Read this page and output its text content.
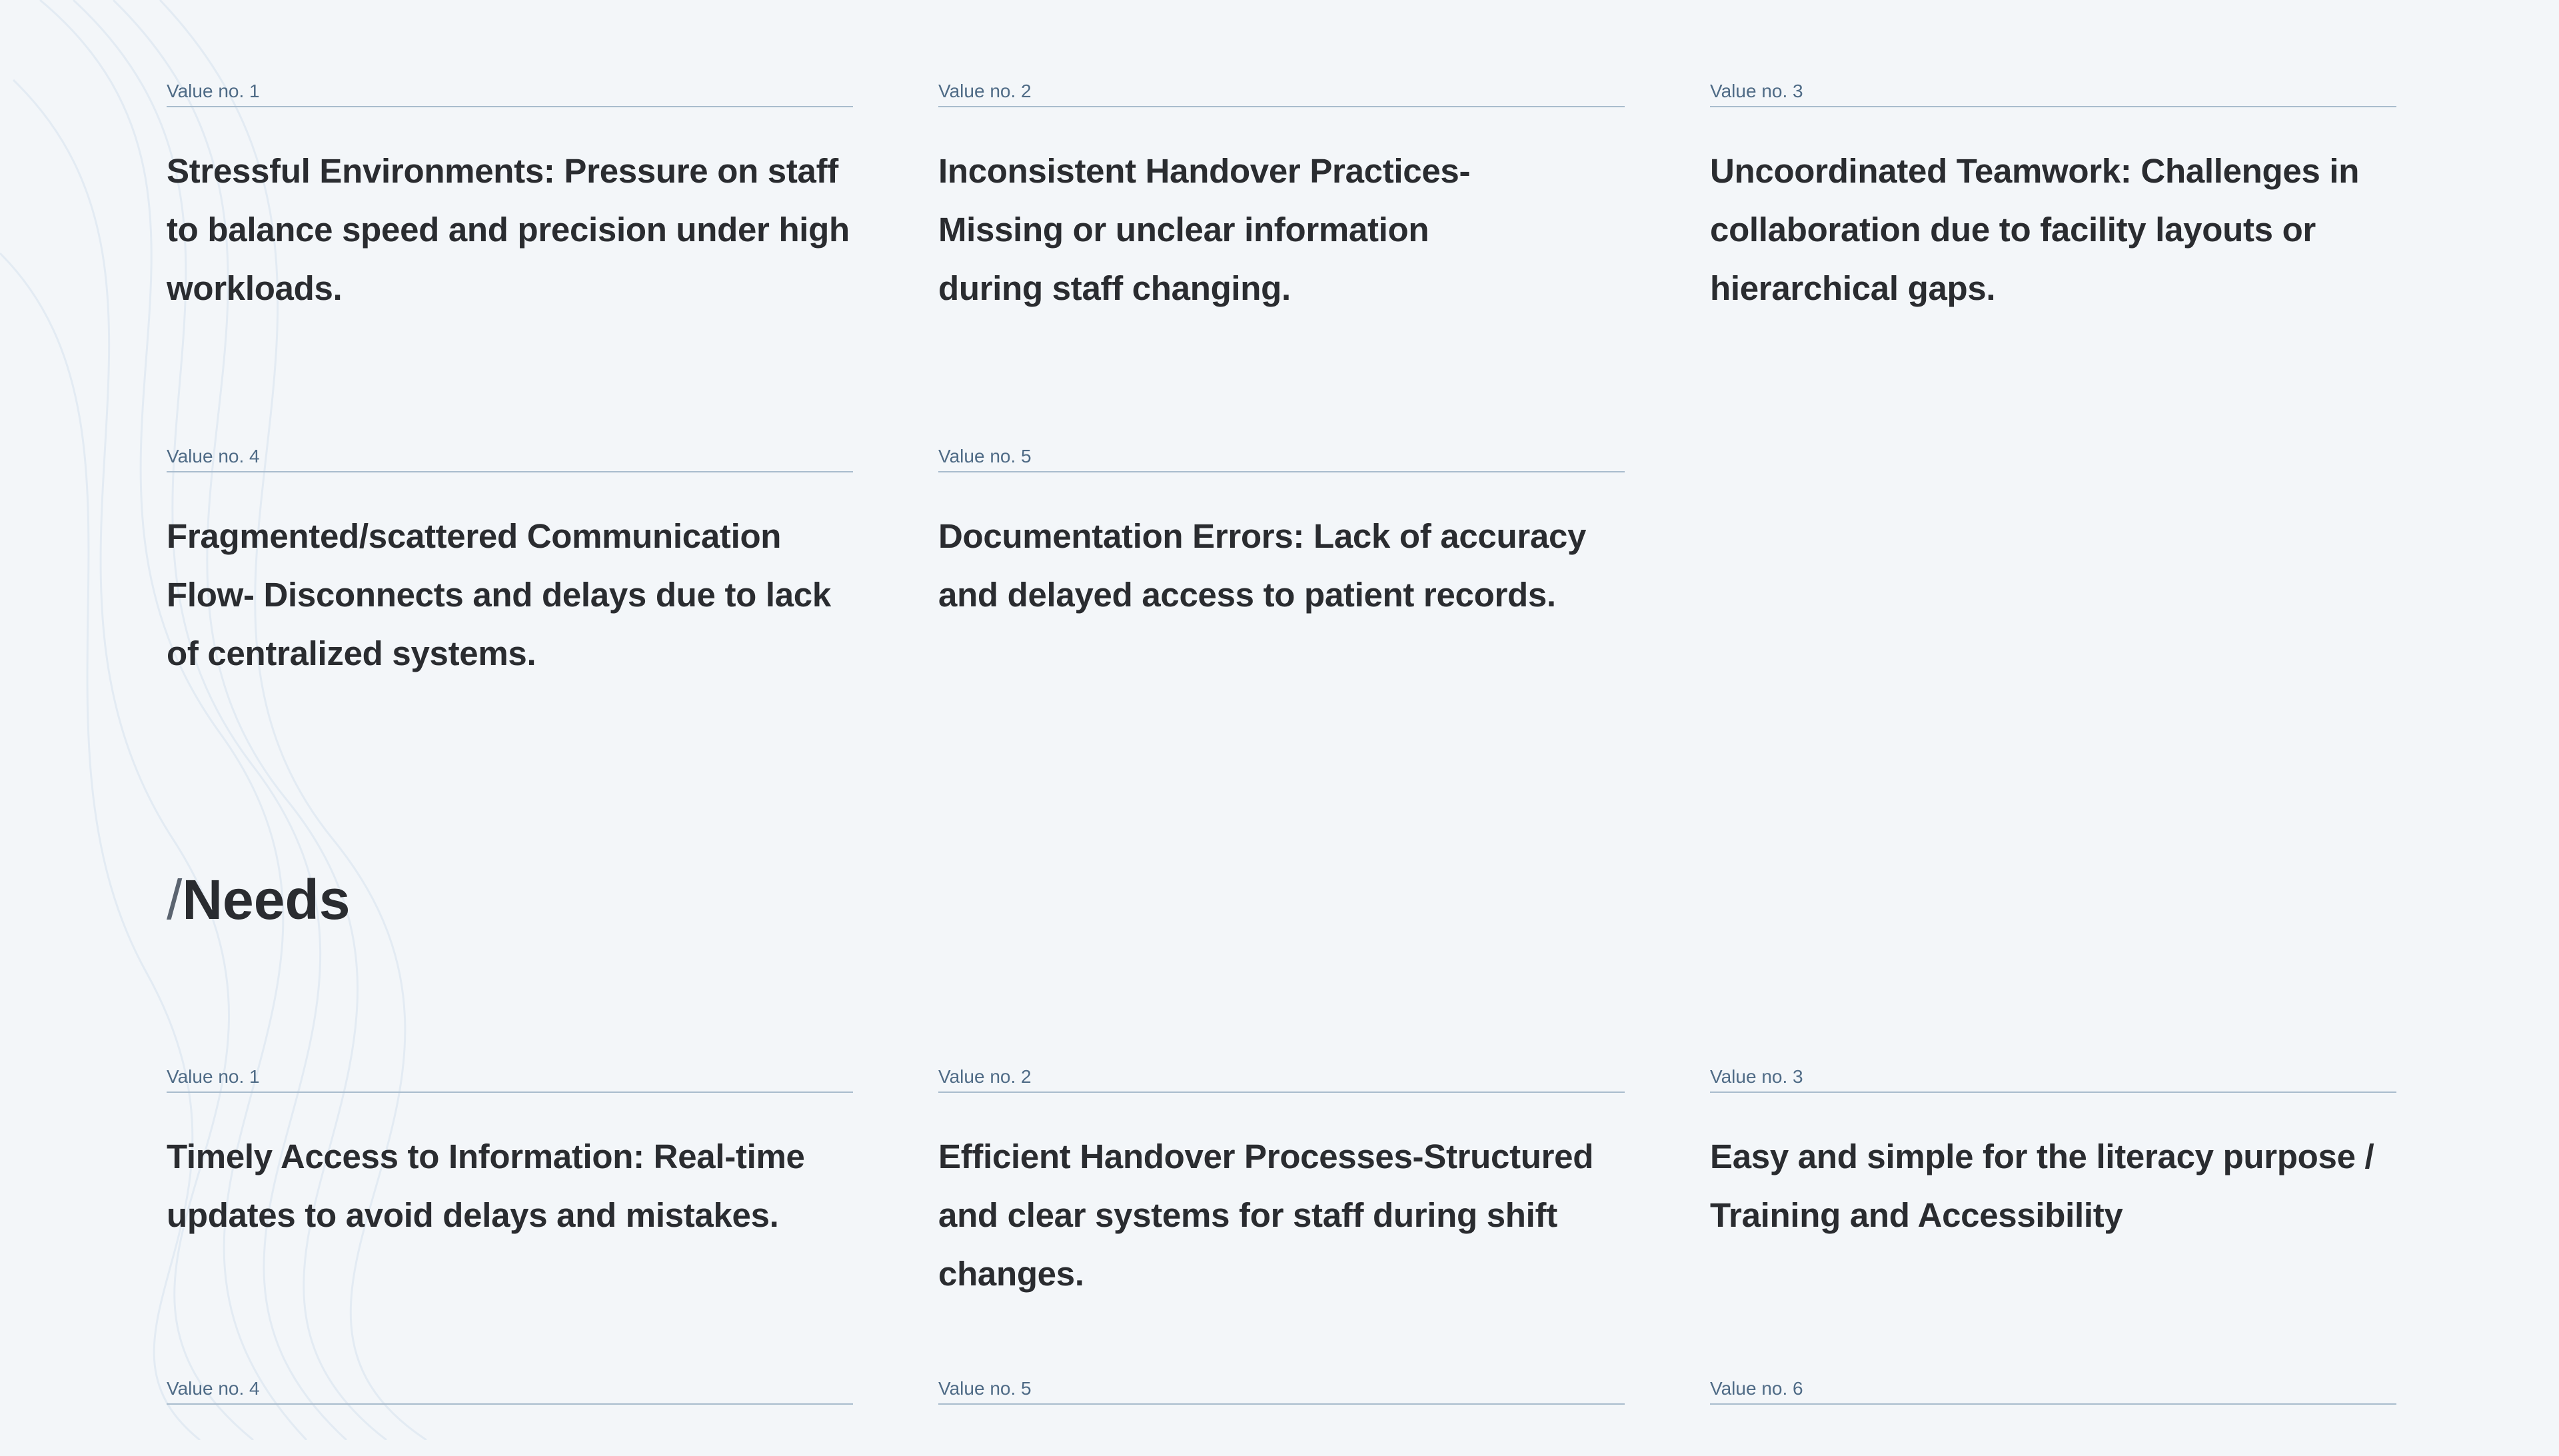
Value no. 1

Stressful Environments: Pressure on staff to balance speed and precision under high workloads.

Value no. 2

Inconsistent Handover Practices- Missing or unclear information during staff changing.

Value no. 3

Uncoordinated Teamwork: Challenges in collaboration due to facility layouts or hierarchical gaps.

Value no. 4

Fragmented/scattered Communication Flow- Disconnects and delays due to lack of centralized systems.

Value no. 5

Documentation Errors: Lack of accuracy and delayed access to patient records.

/Needs
Value no. 1

Timely Access to Information: Real-time updates to avoid delays and mistakes.

Value no. 2

Efficient Handover Processes-Structured and clear systems for staff during shift changes.

Value no. 3

Easy and simple for the literacy purpose / Training and Accessibility

Value no. 4	Value no. 5	Value no. 6
